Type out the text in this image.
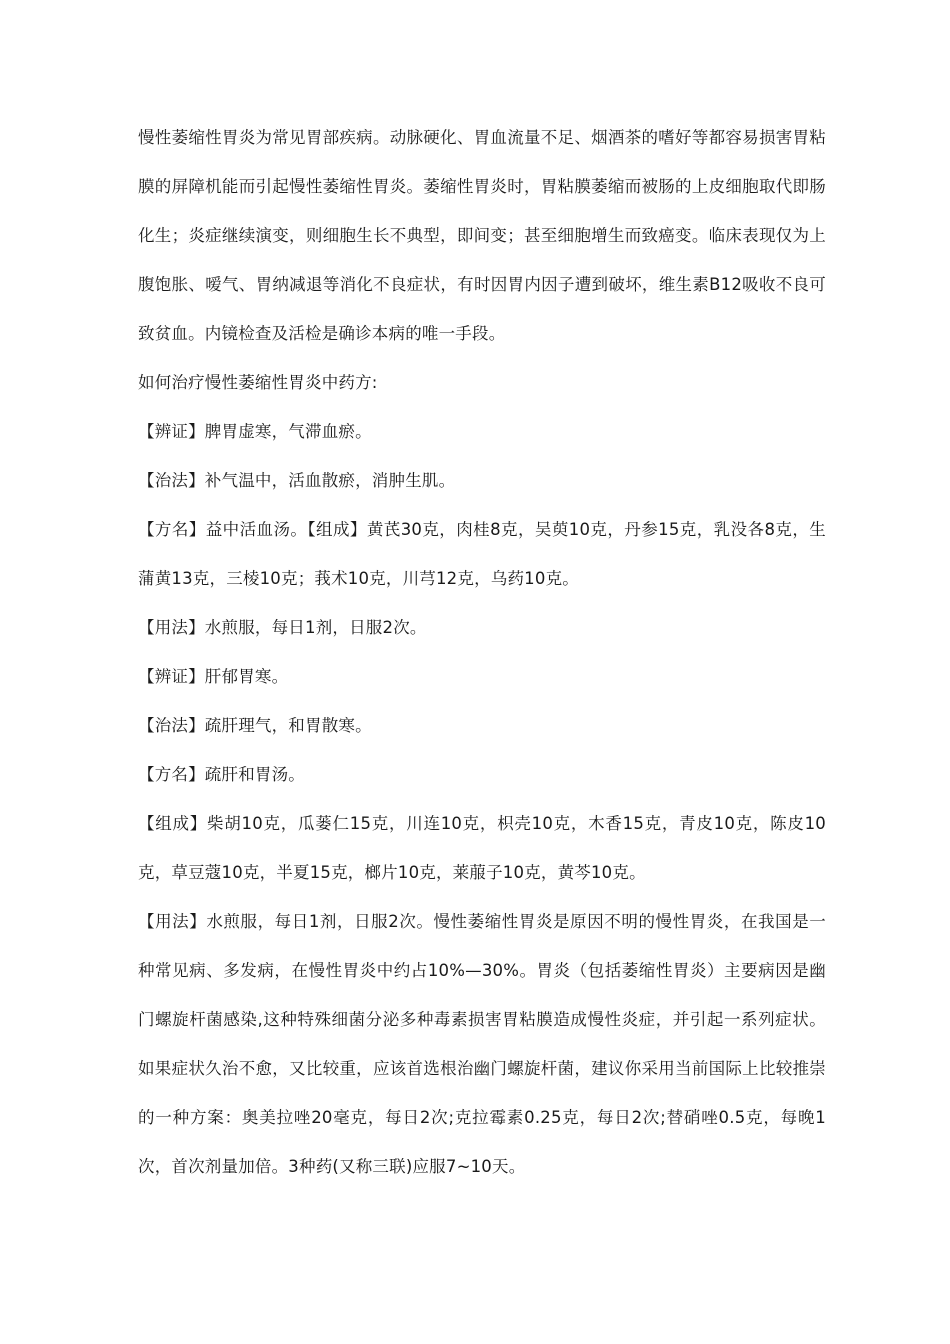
慢性萎缩性胃炎为常见胃部疾病。动脉硬化、胃血流量不足、烟酒茶的嗜好等都容易损害胃粘膜的屏障机能而引起慢性萎缩性胃炎。萎缩性胃炎时，胃粘膜萎缩而被肠的上皮细胞取代即肠化生；炎症继续演变，则细胞生长不典型，即间变；甚至细胞增生而致癌变。临床表现仅为上腹饱胀、嗳气、胃纳减退等消化不良症状，有时因胃内因子遭到破坏，维生素B12吸收不良可致贫血。内镜检查及活检是确诊本病的唯一手段。

如何治疗慢性萎缩性胃炎中药方:

【辨证】脾胃虚寒，气滞血瘀。

【治法】补气温中，活血散瘀，消肿生肌。

【方名】益中活血汤。【组成】黄芪30克，肉桂8克，吴萸10克，丹参15克，乳没各8克，生蒲黄13克，三棱10克；莪术10克，川芎12克，乌药10克。

【用法】水煎服，每日1剂，日服2次。

【辨证】肝郁胃寒。

【治法】疏肝理气，和胃散寒。

【方名】疏肝和胃汤。

【组成】柴胡10克，瓜蒌仁15克，川连10克，枳壳10克，木香15克，青皮10克，陈皮10克，草豆蔻10克，半夏15克，榔片10克，莱菔子10克，黄芩10克。

【用法】水煎服，每日1剂，日服2次。慢性萎缩性胃炎是原因不明的慢性胃炎，在我国是一种常见病、多发病，在慢性胃炎中约占10%—30%。胃炎（包括萎缩性胃炎）主要病因是幽门螺旋杆菌感染,这种特殊细菌分泌多种毒素损害胃粘膜造成慢性炎症，并引起一系列症状。如果症状久治不愈，又比较重，应该首选根治幽门螺旋杆菌，建议你采用当前国际上比较推崇的一种方案：奥美拉唑20毫克，每日2次;克拉霉素0.25克，每日2次;替硝唑0.5克，每晚1次，首次剂量加倍。3种药(又称三联)应服7~10天。
